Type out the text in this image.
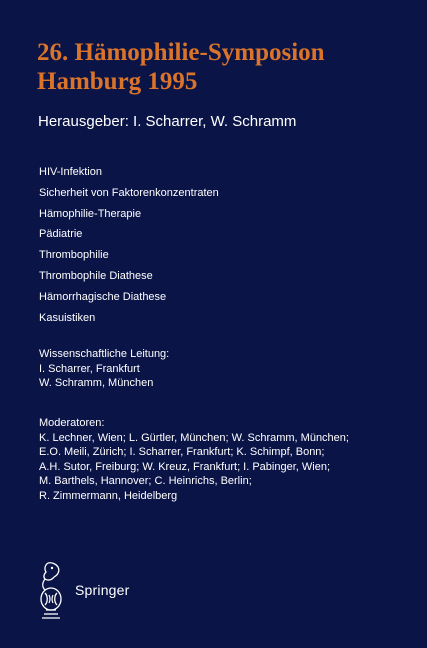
26. Hämophilie-Symposion
Hamburg 1995
Herausgeber: I. Scharrer, W. Schramm
HIV-Infektion
Sicherheit von Faktorenkonzentraten
Hämophilie-Therapie
Pädiatrie
Thrombophilie
Thrombophile Diathese
Hämorrhagische Diathese
Kasuistiken
Wissenschaftliche Leitung:
I. Scharrer, Frankfurt
W. Schramm, München
Moderatoren:
K. Lechner, Wien; L. Gürtler, München; W. Schramm, München;
E.O. Meili, Zürich; I. Scharrer, Frankfurt; K. Schimpf, Bonn;
A.H. Sutor, Freiburg; W. Kreuz, Frankfurt; I. Pabinger, Wien;
M. Barthels, Hannover; C. Heinrichs, Berlin;
R. Zimmermann, Heidelberg
Springer
